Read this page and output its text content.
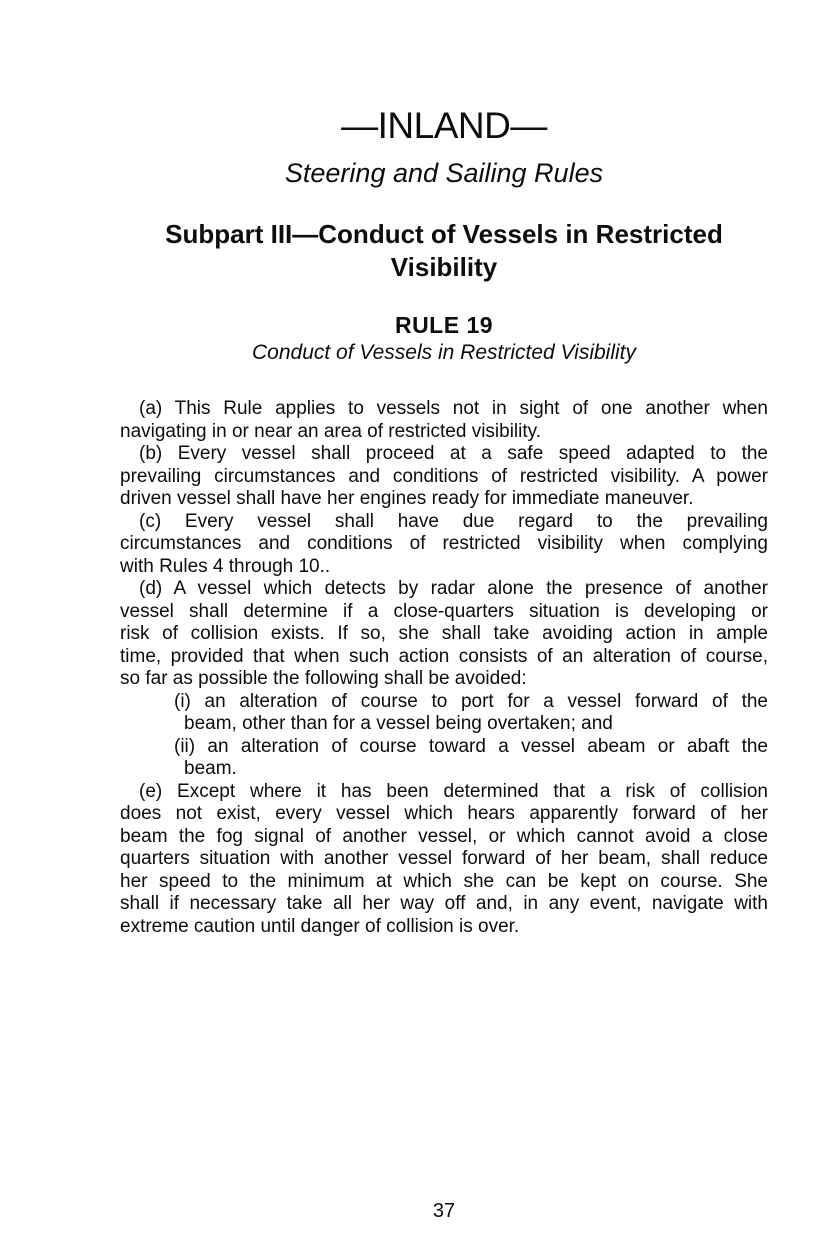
—INLAND—
Steering and Sailing Rules
Subpart III—Conduct of Vessels in Restricted Visibility
RULE 19
Conduct of Vessels in Restricted Visibility
(a) This Rule applies to vessels not in sight of one another when
navigating in or near an area of restricted visibility.
(b) Every vessel shall proceed at a safe speed adapted to the
prevailing circumstances and conditions of restricted visibility. A power
driven vessel shall have her engines ready for immediate maneuver.
(c) Every vessel shall have due regard to the prevailing
circumstances and conditions of restricted visibility when complying
with Rules 4 through 10..
(d) A vessel which detects by radar alone the presence of another
vessel shall determine if a close-quarters situation is developing or
risk of collision exists. If so, she shall take avoiding action in ample
time, provided that when such action consists of an alteration of course,
so far as possible the following shall be avoided:
(i) an alteration of course to port for a vessel forward of the
beam, other than for a vessel being overtaken; and
(ii) an alteration of course toward a vessel abeam or abaft the
beam.
(e) Except where it has been determined that a risk of collision
does not exist, every vessel which hears apparently forward of her
beam the fog signal of another vessel, or which cannot avoid a close
quarters situation with another vessel forward of her beam, shall reduce
her speed to the minimum at which she can be kept on course. She
shall if necessary take all her way off and, in any event, navigate with
extreme caution until danger of collision is over.
37
